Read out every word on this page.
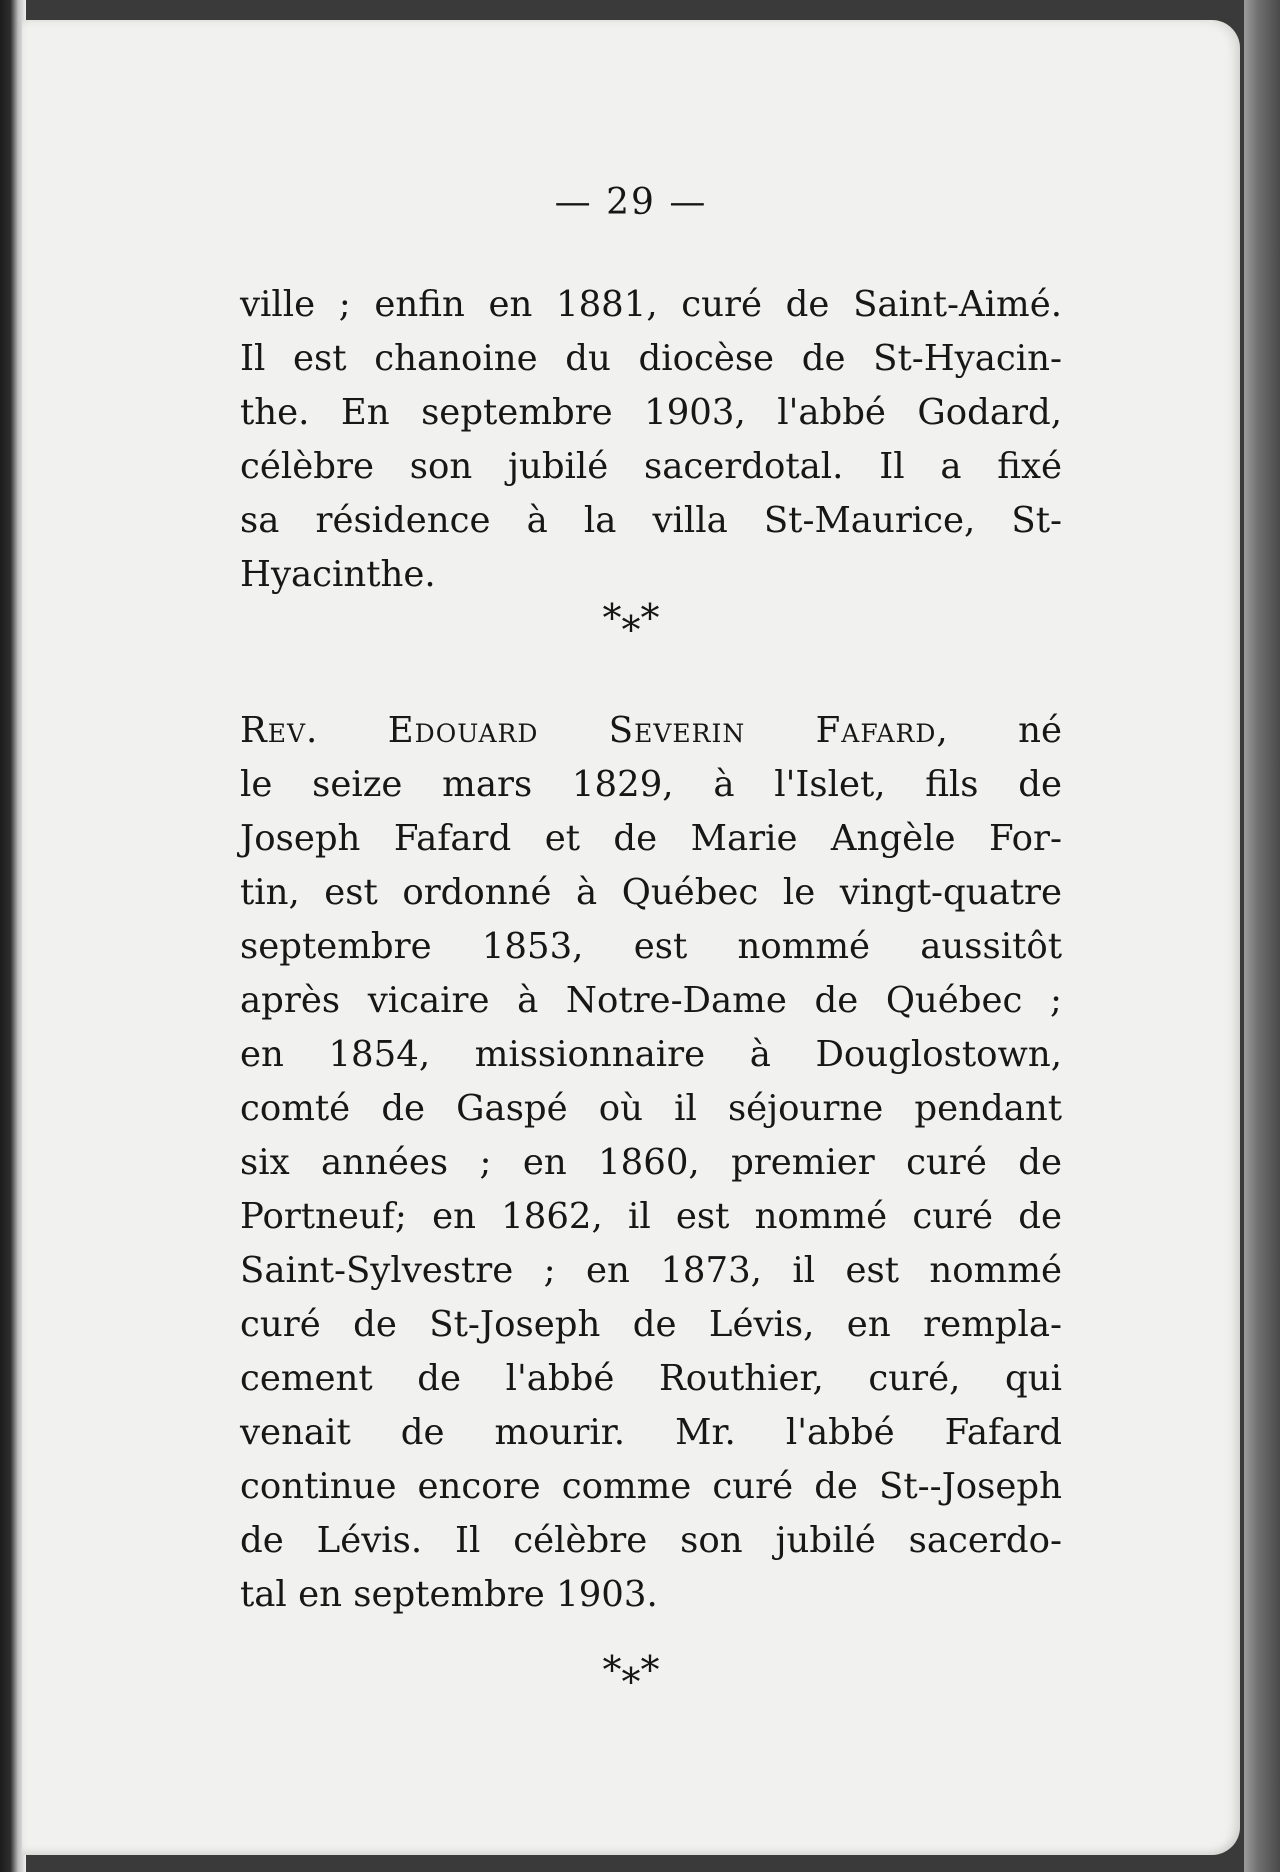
— 29 —
ville ; enfin en 1881, curé de Saint-Aimé.
Il est chanoine du diocèse de St-Hyacin-
the. En septembre 1903, l'abbé Godard,
célèbre son jubilé sacerdotal. Il a fixé
sa résidence à la villa St-Maurice, St-
Hyacinthe.
***
Rev. Edouard Severin Fafard, né
le seize mars 1829, à l'Islet, fils de
Joseph Fafard et de Marie Angèle For-
tin, est ordonné à Québec le vingt-quatre
septembre 1853, est nommé aussitôt
après vicaire à Notre-Dame de Québec ;
en 1854, missionnaire à Douglostown,
comté de Gaspé où il séjourne pendant
six années ; en 1860, premier curé de
Portneuf; en 1862, il est nommé curé de
Saint-Sylvestre ; en 1873, il est nommé
curé de St-Joseph de Lévis, en rempla-
cement de l'abbé Routhier, curé, qui
venait de mourir. Mr. l'abbé Fafard
continue encore comme curé de St--Joseph
de Lévis. Il célèbre son jubilé sacerdo-
tal en septembre 1903.
***
